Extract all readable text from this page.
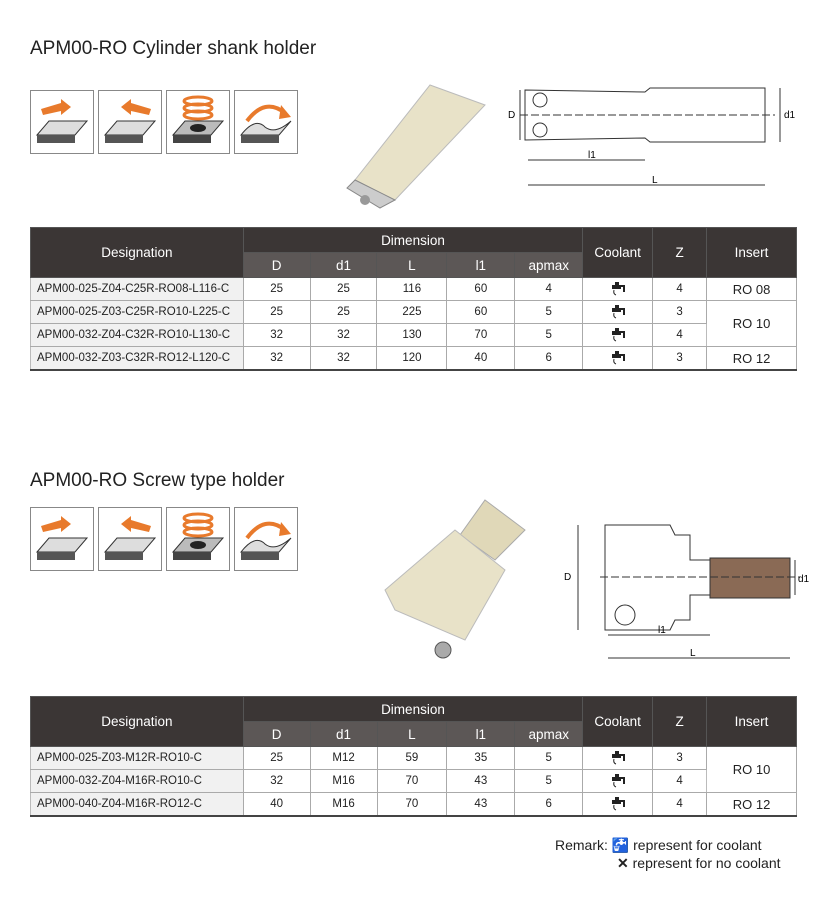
APM00-RO Cylinder shank holder
D	d1
l1
L
Designation	Dimension					Coolant	Z	Insert
	D	d1	L	l1	apmax			
APM00-025-Z04-C25R-RO08-L116-C	25	25	116	60	4		4	RO 08
APM00-025-Z03-C25R-RO10-L225-C	25	25	225	60	5		3	RO 10
APM00-032-Z04-C32R-RO10-L130-C	32	32	130	70	5		4	
APM00-032-Z03-C32R-RO12-L120-C	32	32	120	40	6		3	RO 12
APM00-RO Screw type holder
D	d1
l1
L
Designation	Dimension					Coolant	Z	Insert
	D	d1	L	l1	apmax			
APM00-025-Z03-M12R-RO10-C	25	M12	59	35	5		3	RO 10
APM00-032-Z04-M16R-RO10-C	32	M16	70	43	5		4	
APM00-040-Z04-M16R-RO12-C	40	M16	70	43	6		4	RO 12
Remark: 🚰 represent for coolant
✕ represent for no coolant
